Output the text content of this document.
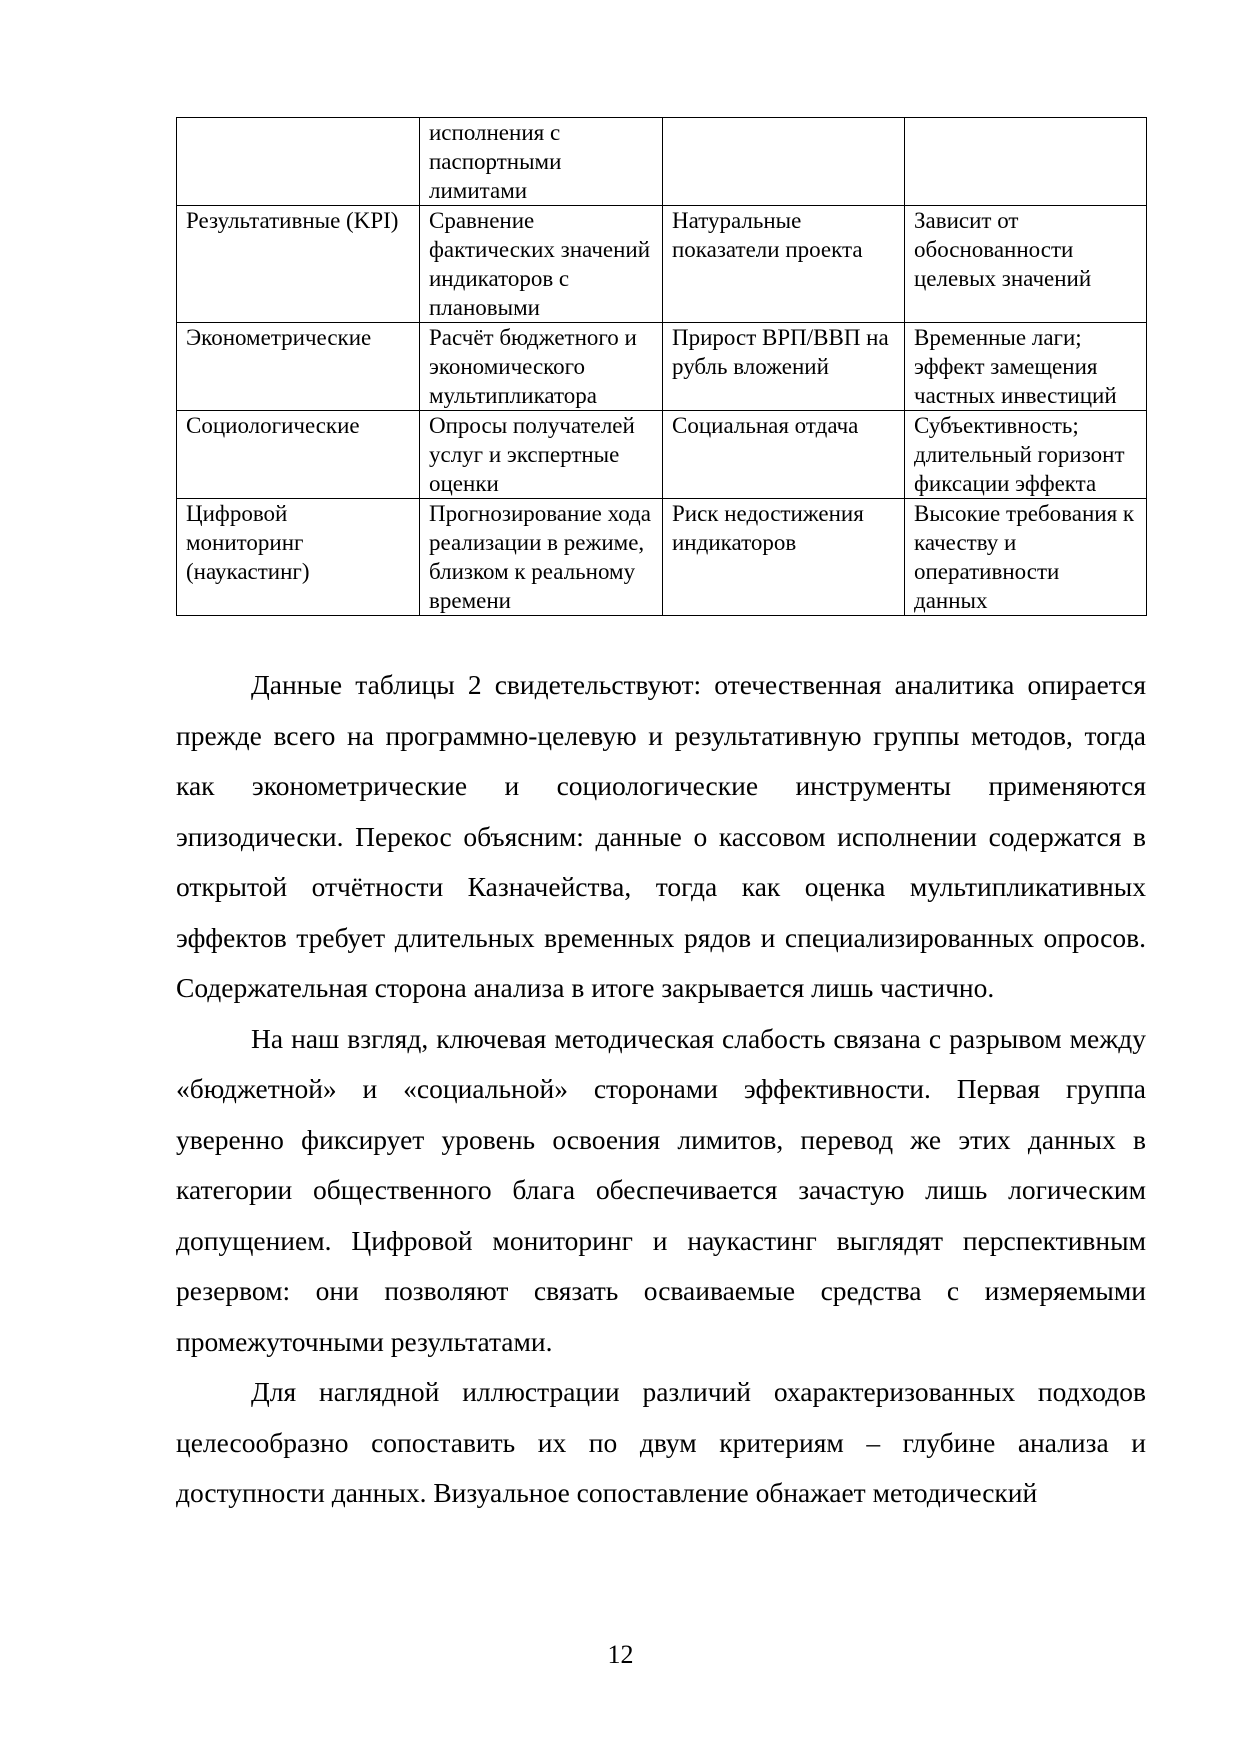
	исполнения с паспортными лимитами		
Результативные (KPI)	Сравнение фактических значений индикаторов с плановыми	Натуральные показатели проекта	Зависит от обоснованности целевых значений
Эконометрические	Расчёт бюджетного и экономического мультипликатора	Прирост ВРП/ВВП на рубль вложений	Временные лаги; эффект замещения частных инвестиций
Социологические	Опросы получателей услуг и экспертные оценки	Социальная отдача	Субъективность; длительный горизонт фиксации эффекта
Цифровой мониторинг (наукастинг)	Прогнозирование хода реализации в режиме, близком к реальному времени	Риск недостижения индикаторов	Высокие требования к качеству и оперативности данных

Данные таблицы 2 свидетельствуют: отечественная аналитика опирается прежде всего на программно-целевую и результативную группы методов, тогда как эконометрические и социологические инструменты применяются эпизодически. Перекос объясним: данные о кассовом исполнении содержатся в открытой отчётности Казначейства, тогда как оценка мультипликативных эффектов требует длительных временных рядов и специализированных опросов. Содержательная сторона анализа в итоге закрывается лишь частично.

На наш взгляд, ключевая методическая слабость связана с разрывом между «бюджетной» и «социальной» сторонами эффективности. Первая группа уверенно фиксирует уровень освоения лимитов, перевод же этих данных в категории общественного блага обеспечивается зачастую лишь логическим допущением. Цифровой мониторинг и наукастинг выглядят перспективным резервом: они позволяют связать осваиваемые средства с измеряемыми промежуточными результатами.

Для наглядной иллюстрации различий охарактеризованных подходов целесообразно сопоставить их по двум критериям – глубине анализа и доступности данных. Визуальное сопоставление обнажает методический

12
